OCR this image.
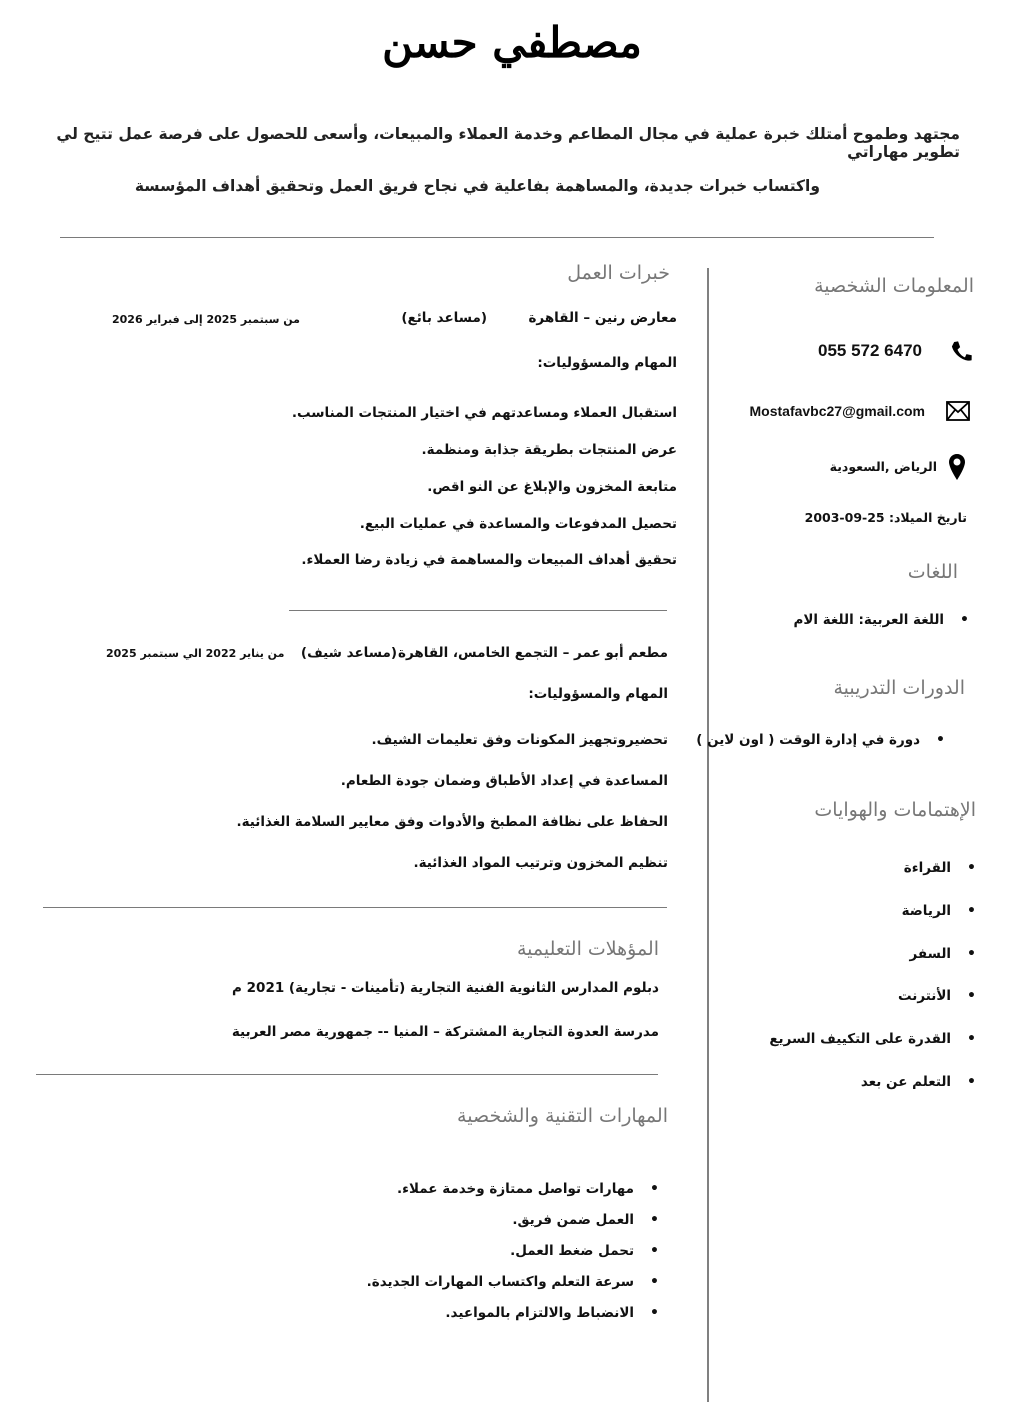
مصطفي حسن
مجتهد وطموح أمتلك خبرة عملية في مجال المطاعم وخدمة العملاء والمبيعات، وأسعى للحصول على فرصة عمل تتيح لي تطوير مهاراتي
واكتساب خبرات جديدة، والمساهمة بفاعلية في نجاح فريق العمل وتحقيق أهداف المؤسسة
المعلومات الشخصية
055 572 6470
Mostafavbc27@gmail.com
الرياض ,السعودية
تاريخ الميلاد: 25-09-2003
اللغات
• اللغة العربية: اللغة الام
الدورات التدريبية
• دورة في إدارة الوقت ( اون لاين )
الإهتمامات والهوايات
• القراءة
• الرياضة
• السفر
• الأنترنت
• القدرة على التكييف السريع
• التعلم عن بعد
خبرات العمل
معارض رنين – القاهرة
(مساعد بائع)
من سبتمبر 2025 إلى فبراير 2026
المهام والمسؤوليات:
استقبال العملاء ومساعدتهم في اختيار المنتجات المناسب.
عرض المنتجات بطريقة جذابة ومنظمة.
متابعة المخزون والإبلاغ عن النو اقص.
تحصيل المدفوعات والمساعدة في عمليات البيع.
تحقيق أهداف المبيعات والمساهمة في زيادة رضا العملاء.
مطعم أبو عمر – التجمع الخامس، القاهرة
(مساعد شيف)
من يناير 2022 الي سبتمبر 2025
المهام والمسؤوليات:
تحضيروتجهيز المكونات وفق تعليمات الشيف.
المساعدة في إعداد الأطباق وضمان جودة الطعام.
الحفاظ على نظافة المطبخ والأدوات وفق معايير السلامة الغذائية.
تنظيم المخزون وترتيب المواد الغذائية.
المؤهلات التعليمية
دبلوم المدارس الثانوية الفنية التجارية (تأمينات - تجارية) 2021 م
مدرسة العدوة التجارية المشتركة – المنيا -- جمهورية مصر العربية
المهارات التقنية والشخصية
• مهارات تواصل ممتازة وخدمة عملاء.
• العمل ضمن فريق.
• تحمل ضغط العمل.
• سرعة التعلم واكتساب المهارات الجديدة.
• الانضباط والالتزام بالمواعيد.
